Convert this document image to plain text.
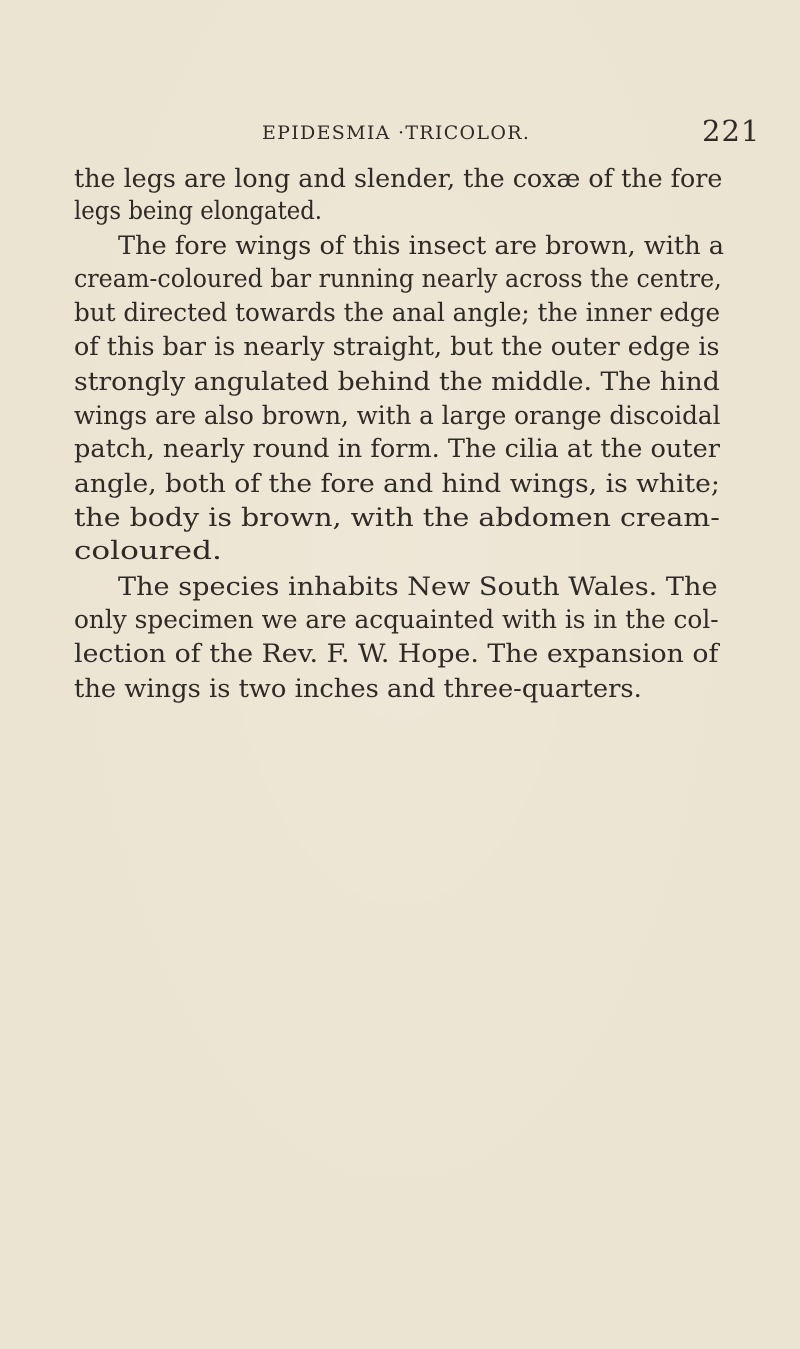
EPIDESMIA ·TRICOLOR.	221
the legs are long and slender, the coxæ of the fore
legs being elongated.
The fore wings of this insect are brown, with a
cream-coloured bar running nearly across the centre,
but directed towards the anal angle; the inner edge
of this bar is nearly straight, but the outer edge is
strongly angulated behind the middle. The hind
wings are also brown, with a large orange discoidal
patch, nearly round in form. The cilia at the outer
angle, both of the fore and hind wings, is white;
the body is brown, with the abdomen cream-
coloured.
The species inhabits New South Wales. The
only specimen we are acquainted with is in the col-
lection of the Rev. F. W. Hope. The expansion of
the wings is two inches and three-quarters.
